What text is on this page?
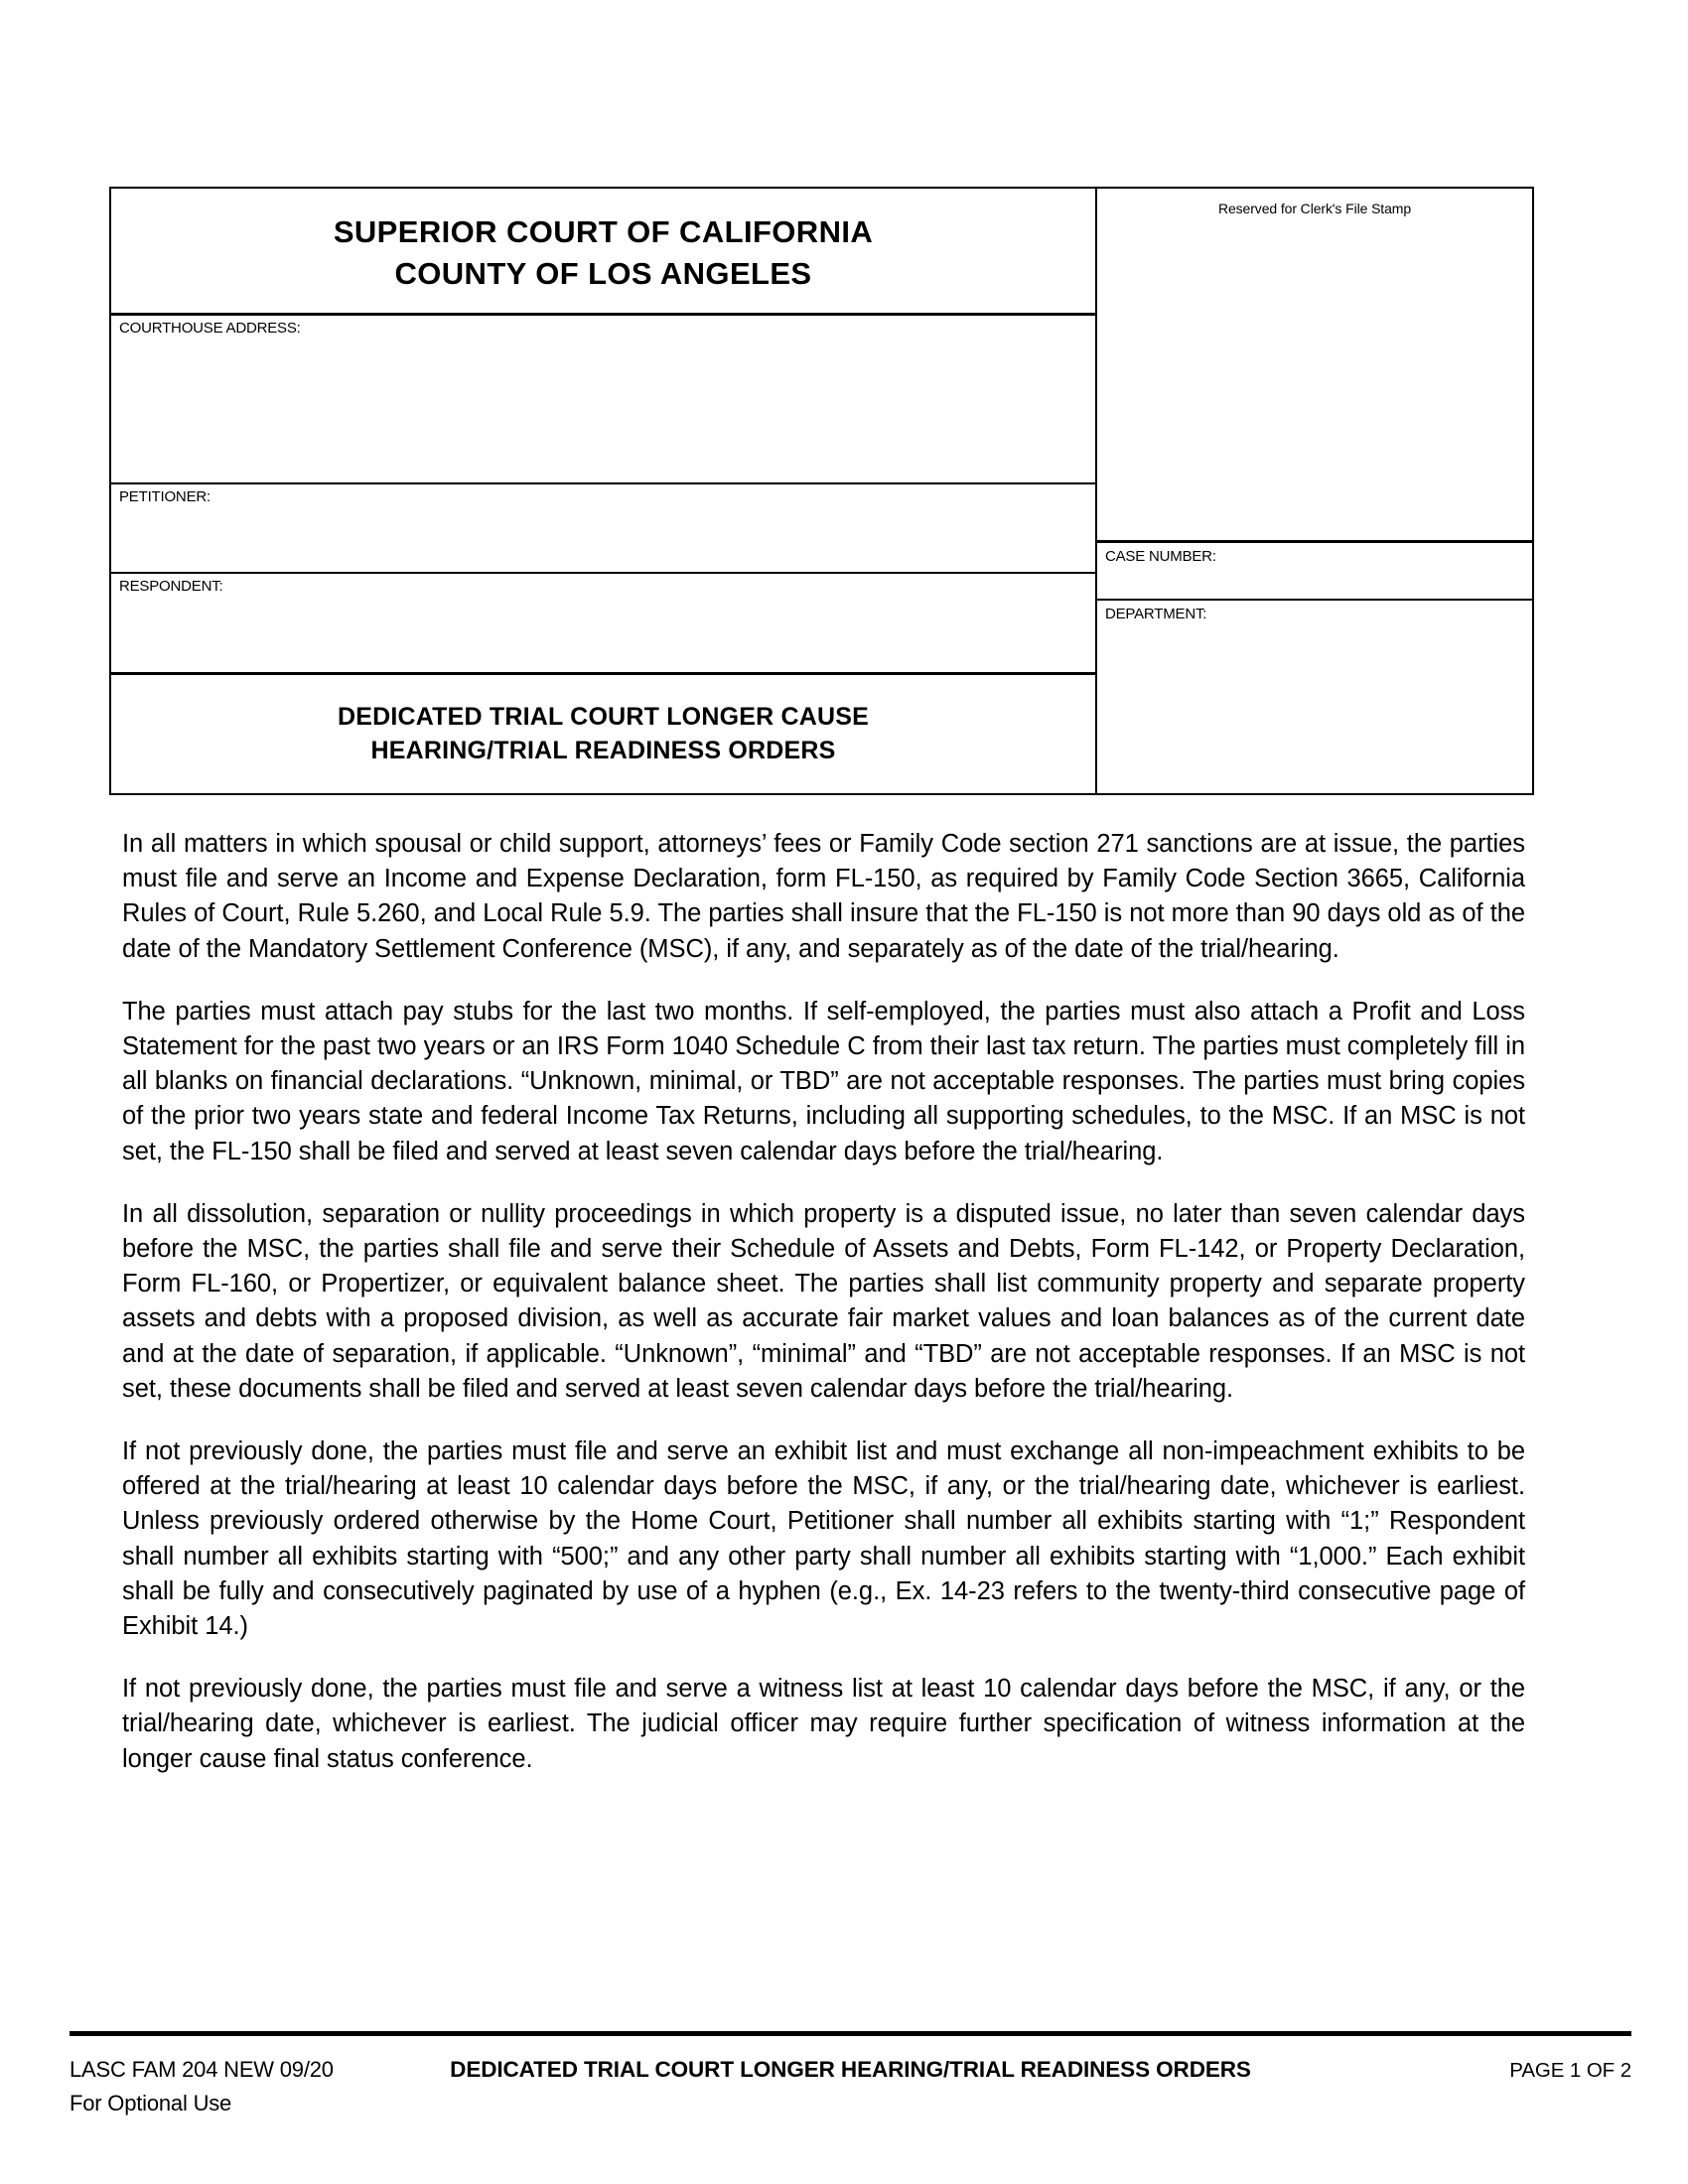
SUPERIOR COURT OF CALIFORNIA
COUNTY OF LOS ANGELES
COURTHOUSE ADDRESS:
PETITIONER:
RESPONDENT:
DEDICATED TRIAL COURT LONGER CAUSE
HEARING/TRIAL READINESS ORDERS
Reserved for Clerk's File Stamp
CASE NUMBER:
DEPARTMENT:

In all matters in which spousal or child support, attorneys’ fees or Family Code section 271 sanctions are at issue, the parties must file and serve an Income and Expense Declaration, form FL-150, as required by Family Code Section 3665, California Rules of Court, Rule 5.260, and Local Rule 5.9. The parties shall insure that the FL-150 is not more than 90 days old as of the date of the Mandatory Settlement Conference (MSC), if any, and separately as of the date of the trial/hearing.

The parties must attach pay stubs for the last two months. If self-employed, the parties must also attach a Profit and Loss Statement for the past two years or an IRS Form 1040 Schedule C from their last tax return. The parties must completely fill in all blanks on financial declarations. “Unknown, minimal, or TBD” are not acceptable responses. The parties must bring copies of the prior two years state and federal Income Tax Returns, including all supporting schedules, to the MSC. If an MSC is not set, the FL-150 shall be filed and served at least seven calendar days before the trial/hearing.

In all dissolution, separation or nullity proceedings in which property is a disputed issue, no later than seven calendar days before the MSC, the parties shall file and serve their Schedule of Assets and Debts, Form FL-142, or Property Declaration, Form FL-160, or Propertizer, or equivalent balance sheet. The parties shall list community property and separate property assets and debts with a proposed division, as well as accurate fair market values and loan balances as of the current date and at the date of separation, if applicable. “Unknown”, “minimal” and “TBD” are not acceptable responses. If an MSC is not set, these documents shall be filed and served at least seven calendar days before the trial/hearing.

If not previously done, the parties must file and serve an exhibit list and must exchange all non-impeachment exhibits to be offered at the trial/hearing at least 10 calendar days before the MSC, if any, or the trial/hearing date, whichever is earliest. Unless previously ordered otherwise by the Home Court, Petitioner shall number all exhibits starting with “1;” Respondent shall number all exhibits starting with “500;” and any other party shall number all exhibits starting with “1,000.” Each exhibit shall be fully and consecutively paginated by use of a hyphen (e.g., Ex. 14-23 refers to the twenty-third consecutive page of Exhibit 14.)

If not previously done, the parties must file and serve a witness list at least 10 calendar days before the MSC, if any, or the trial/hearing date, whichever is earliest. The judicial officer may require further specification of witness information at the longer cause final status conference.

LASC FAM 204 NEW 09/20	DEDICATED TRIAL COURT LONGER HEARING/TRIAL READINESS ORDERS	PAGE 1 OF 2
For Optional Use
